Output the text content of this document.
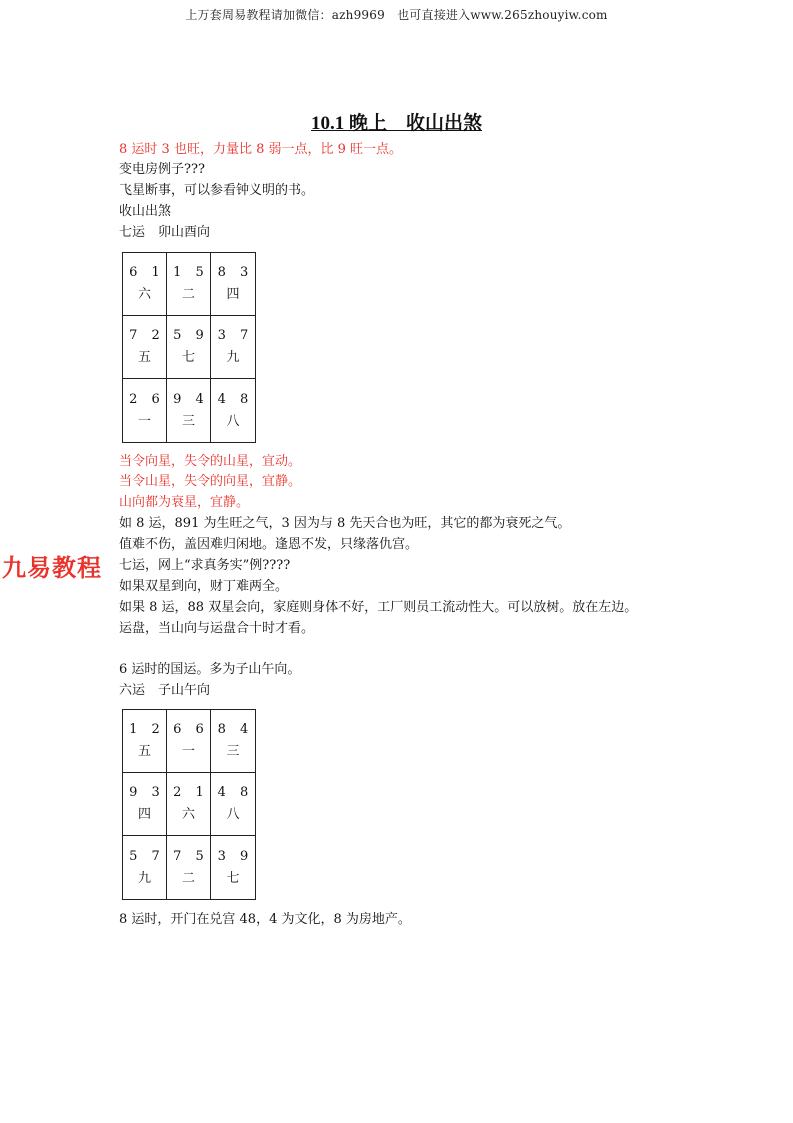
上万套周易教程请加微信：azh9969　也可直接进入www.265zhouyiw.com
10.1 晚上　收山出煞
九易教程
8 运时 3 也旺，力量比 8 弱一点，比 9 旺一点。
变电房例子???
飞星断事，可以参看钟义明的书。
收山出煞
七运　卯山酉向
6 1
六
1 5
二
8 3
四
7 2
五
5 9
七
3 7
九
2 6
一
9 4
三
4 8
八
当令向星，失令的山星，宜动。
当令山星，失令的向星，宜静。
山向都为衰星，宜静。
如 8 运，891 为生旺之气，3 因为与 8 先天合也为旺，其它的都为衰死之气。
值难不伤，盖因难归闲地。逢恩不发，只缘落仇宫。
七运，网上“求真务实”例????
如果双星到向，财丁难两全。
如果 8 运，88 双星会向，家庭则身体不好，工厂则员工流动性大。可以放树。放在左边。
运盘，当山向与运盘合十时才看。
6 运时的国运。多为子山午向。
六运　子山午向
1 2
五
6 6
一
8 4
三
9 3
四
2 1
六
4 8
八
5 7
九
7 5
二
3 9
七
8 运时，开门在兑宫 48，4 为文化，8 为房地产。
